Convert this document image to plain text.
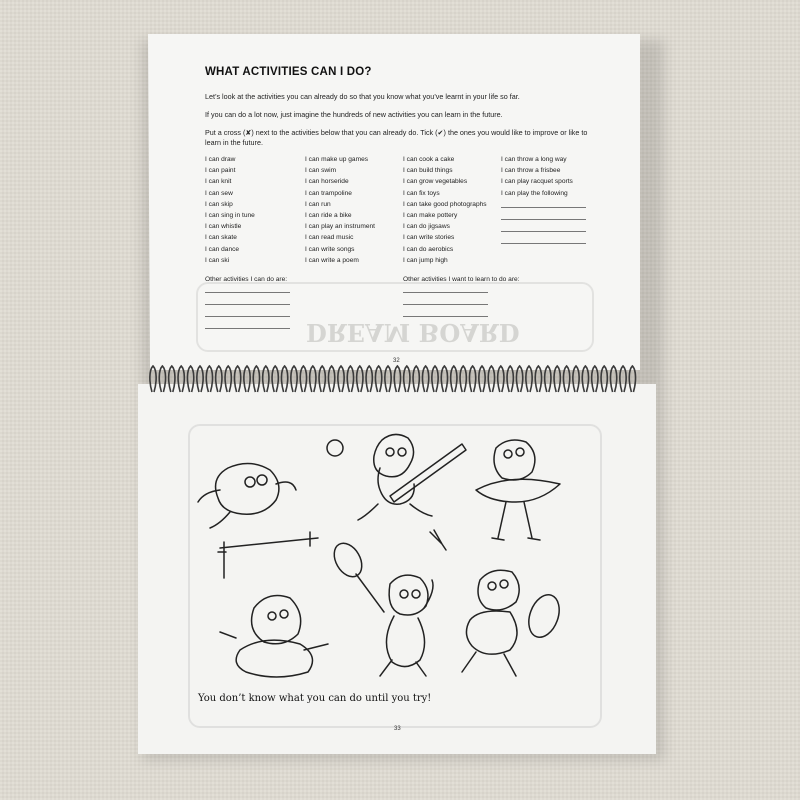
DREAM BOARD
WHAT ACTIVITIES CAN I DO?
Let’s look at the activities you can already do so that you know what you’ve learnt in your life so far.
If you can do a lot now, just imagine the hundreds of new activities you can learn in the future.
Put a cross (✘) next to the activities below that you can already do. Tick (✔) the ones you would like to improve or like to learn in the future.
I can draw
I can paint
I can knit
I can sew
I can skip
I can sing in tune
I can whistle
I can skate
I can dance
I can ski
I can make up games
I can swim
I can horseride
I can trampoline
I can run
I can ride a bike
I can play an instrument
I can read music
I can write songs
I can write a poem
I can cook a cake
I can build things
I can grow vegetables
I can fix toys
I can take good photographs
I can make pottery
I can do jigsaws
I can write stories
I can do aerobics
I can jump high
I can throw a long way
I can throw a frisbee
I can play racquet sports
I can play the following
Other activities I can do are:	Other activities I want to learn to do are:
32
You don’t know what you can do until you try!
33
